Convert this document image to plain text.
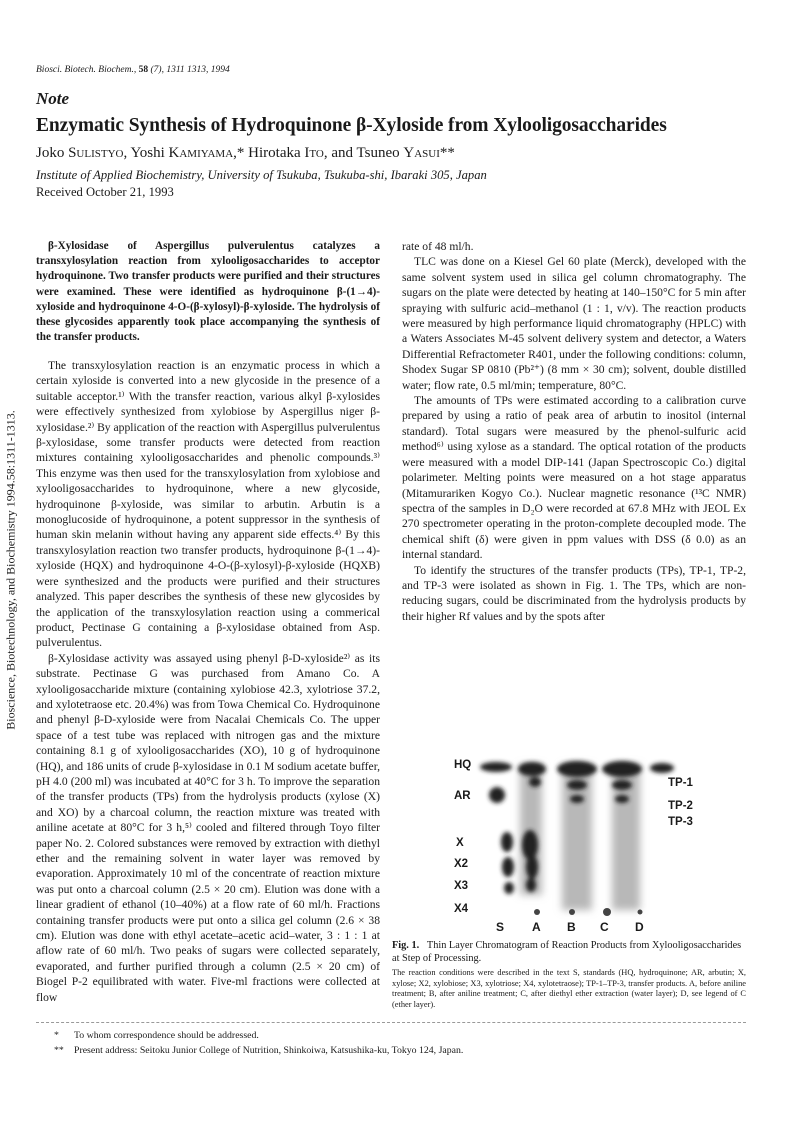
Biosci. Biotech. Biochem., 58 (7), 1311 1313, 1994
Note
Enzymatic Synthesis of Hydroquinone β-Xyloside from Xylooligosaccharides
Joko Sulistyo, Yoshi Kamiyama,* Hirotaka Ito, and Tsuneo Yasui**
Institute of Applied Biochemistry, University of Tsukuba, Tsukuba-shi, Ibaraki 305, Japan
Received October 21, 1993
Bioscience, Biotechnology, and Biochemistry 1994.58:1311-1313.
β-Xylosidase of Aspergillus pulverulentus catalyzes a transxylosylation reaction from xylooligosaccharides to acceptor hydroquinone. Two transfer products were purified and their structures were examined. These were identified as hydroquinone β-(1→4)-xyloside and hydroquinone 4-O-(β-xylosyl)-β-xyloside. The hydrolysis of these glycosides apparently took place accompanying the synthesis of the transfer products.

The transxylosylation reaction is an enzymatic process in which a certain xyloside is converted into a new glycoside in the presence of a suitable acceptor.¹⁾ With the transfer reaction, various alkyl β-xylosides were effectively synthesized from xylobiose by Aspergillus niger β-xylosidase.²⁾ By application of the reaction with Aspergillus pulverulentus β-xylosidase, some transfer products were detected from reaction mixtures containing xylooligosaccharides and phenolic compounds.³⁾ This enzyme was then used for the transxylosylation from xylobiose and xylooligosaccharides to hydroquinone, where a new glycoside, hydroquinone β-xyloside, was similar to arbutin. Arbutin is a monoglucoside of hydroquinone, a potent suppressor in the synthesis of human skin melanin without having any apparent side effects.⁴⁾ By this transxylosylation reaction two transfer products, hydroquinone β-(1→4)-xyloside (HQX) and hydroquinone 4-O-(β-xylosyl)-β-xyloside (HQXB) were synthesized and the products were purified and their structures analyzed. This paper describes the synthesis of these new glycosides by the application of the transxylosylation reaction using a commerical product, Pectinase G containing a β-xylosidase obtained from Asp. pulverulentus.

β-Xylosidase activity was assayed using phenyl β-D-xyloside²⁾ as its substrate. Pectinase G was purchased from Amano Co. A xylooligosaccharide mixture (containing xylobiose 42.3, xylotriose 37.2, and xylotetraose etc. 20.4%) was from Towa Chemical Co. Hydroquinone and phenyl β-D-xyloside were from Nacalai Chemicals Co. The upper space of a test tube was replaced with nitrogen gas and the mixture containing 8.1 g of xylooligosaccharides (XO), 10 g of hydroquinone (HQ), and 186 units of crude β-xylosidase in 0.1 M sodium acetate buffer, pH 4.0 (200 ml) was incubated at 40°C for 3 h. To improve the separation of the transfer products (TPs) from the hydrolysis products (xylose (X) and XO) by a charcoal column, the reaction mixture was treated with aniline acetate at 80°C for 3 h,⁵⁾ cooled and filtered through Toyo filter paper No. 2. Colored substances were removed by extraction with diethyl ether and the remaining solvent in water layer was removed by evaporation. Approximately 10 ml of the concentrate of reaction mixture was put onto a charcoal column (2.5 × 20 cm). Elution was done with a linear gradient of ethanol (10–40%) at a flow rate of 60 ml/h. Fractions containing transfer products were put onto a silica gel column (2.6 × 38 cm). Elution was done with ethyl acetate–acetic acid–water, 3 : 1 : 1 at aflow rate of 60 ml/h. Two peaks of sugars were collected separately, evaporated, and further purified through a column (2.5 × 20 cm) of Biogel P-2 equilibrated with water. Five-ml fractions were collected at flow

rate of 48 ml/h.

TLC was done on a Kiesel Gel 60 plate (Merck), developed with the same solvent system used in silica gel column chromatography. The sugars on the plate were detected by heating at 140–150°C for 5 min after spraying with sulfuric acid–methanol (1 : 1, v/v). The reaction products were measured by high performance liquid chromatography (HPLC) with a Waters Associates M-45 solvent delivery system and detector, a Waters Differential Refractometer R401, under the following conditions: column, Shodex Sugar SP 0810 (Pb²⁺) (8 mm × 30 cm); solvent, double distilled water; flow rate, 0.5 ml/min; temperature, 80°C.

The amounts of TPs were estimated according to a calibration curve prepared by using a ratio of peak area of arbutin to inositol (internal standard). Total sugars were measured by the phenol-sulfuric acid method⁶⁾ using xylose as a standard. The optical rotation of the products were measured with a model DIP-141 (Japan Spectroscopic Co.) digital polarimeter. Melting points were measured on a hot stage apparatus (Mitamurariken Kogyo Co.). Nuclear magnetic resonance (¹³C NMR) spectra of the samples in D₂O were recorded at 67.8 MHz with JEOL Ex 270 spectrometer operating in the proton-complete decoupled mode. The chemical shift (δ) were given in ppm values with DSS (δ 0.0) as an internal standard.

To identify the structures of the transfer products (TPs), TP-1, TP-2, and TP-3 were isolated as shown in Fig. 1. The TPs, which are non-reducing sugars, could be discriminated from the hydrolysis products by their higher Rf values and by the spots after

HQ
AR
X
X2
X3
X4
TP-1
TP-2
TP-3
S A B C D
Fig. 1. Thin Layer Chromatogram of Reaction Products from Xylooligosaccharides at Step of Processing.
The reaction conditions were described in the text S, standards (HQ, hydroquinone; AR, arbutin; X, xylose; X2, xylobiose; X3, xylotriose; X4, xylotetraose); TP-1–TP-3, transfer products. A, before aniline treatment; B, after aniline treatment; C, after diethyl ether extraction (water layer); D, see legend of C (ether layer).
* To whom correspondence should be addressed.
** Present address: Seitoku Junior College of Nutrition, Shinkoiwa, Katsushika-ku, Tokyo 124, Japan.
